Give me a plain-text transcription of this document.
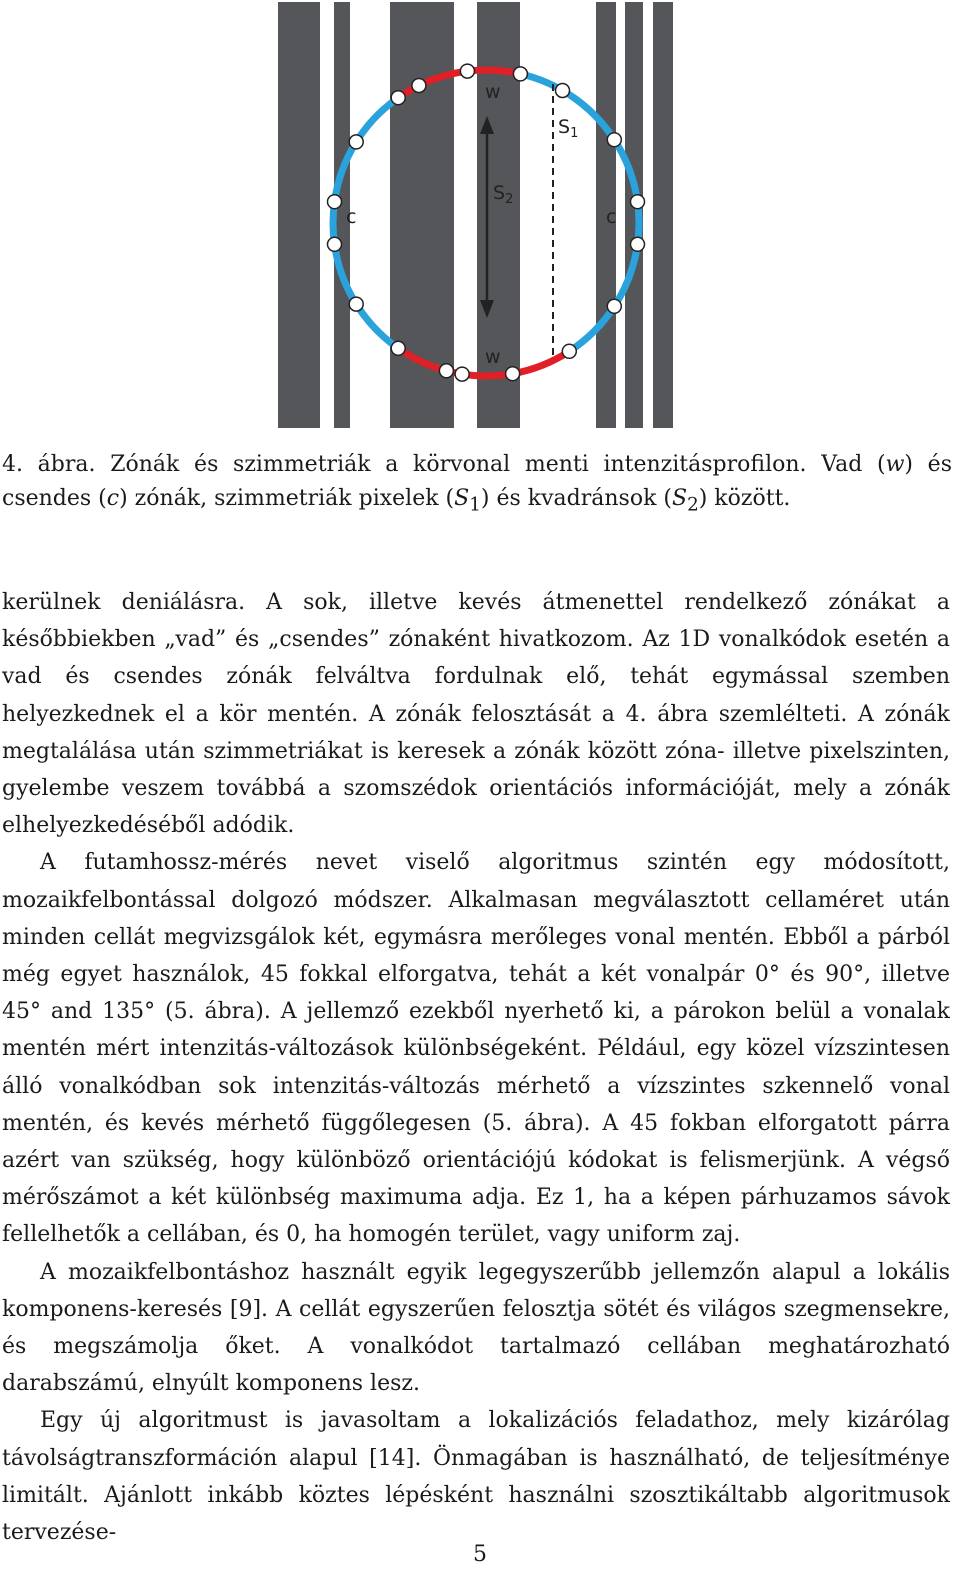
w
w
c	c
$S_1$
$S_2$
4. ábra. Zónák és szimmetriák a körvonal menti intenzitásprofilon. Vad (w) és csendes (c) zónák, szimmetriák pixelek $(S_1)$ és kvadránsok $(S_2)$ között.

kerülnek deniálásra. A sok, illetve kevés átmenettel rendelkező zónákat a későbbiekben „vad” és „csendes” zónaként hivatkozom. Az 1D vonalkódok esetén a vad és csendes zónák felváltva fordulnak elő, tehát egymással szemben helyezkednek el a kör mentén. A zónák felosztását a 4. ábra szemlélteti. A zónák megtalálása után szimmetriákat is keresek a zónák között zóna- illetve pixelszinten, gyelembe veszem továbbá a szomszédok orientációs információját, mely a zónák elhelyezkedéséből adódik.

A futamhossz-mérés nevet viselő algoritmus szintén egy módosított, mozaikfelbontással dolgozó módszer. Alkalmasan megválasztott cellaméret után minden cellát megvizsgálok két, egymásra merőleges vonal mentén. Ebből a párból még egyet használok, 45 fokkal elforgatva, tehát a két vonalpár 0° és 90°, illetve 45° and 135° (5. ábra). A jellemző ezekből nyerhető ki, a párokon belül a vonalak mentén mért intenzitás-változások különbségeként. Például, egy közel vízszintesen álló vonalkódban sok intenzitás-változás mérhető a vízszintes szkennelő vonal mentén, és kevés mérhető függőlegesen (5. ábra). A 45 fokban elforgatott párra azért van szükség, hogy különböző orientációjú kódokat is felismerjünk. A végső mérőszámot a két különbség maximuma adja. Ez 1, ha a képen párhuzamos sávok fellelhetők a cellában, és 0, ha homogén terület, vagy uniform zaj.

A mozaikfelbontáshoz használt egyik legegyszerűbb jellemzőn alapul a lokális komponens-keresés [9]. A cellát egyszerűen felosztja sötét és világos szegmensekre, és megszámolja őket. A vonalkódot tartalmazó cellában meghatározható darabszámú, elnyúlt komponens lesz.

Egy új algoritmust is javasoltam a lokalizációs feladathoz, mely kizárólag távolságtranszformáción alapul [14]. Önmagában is használható, de teljesítménye limitált. Ajánlott inkább köztes lépésként használni szosztikáltabb algoritmusok tervezése-

5
